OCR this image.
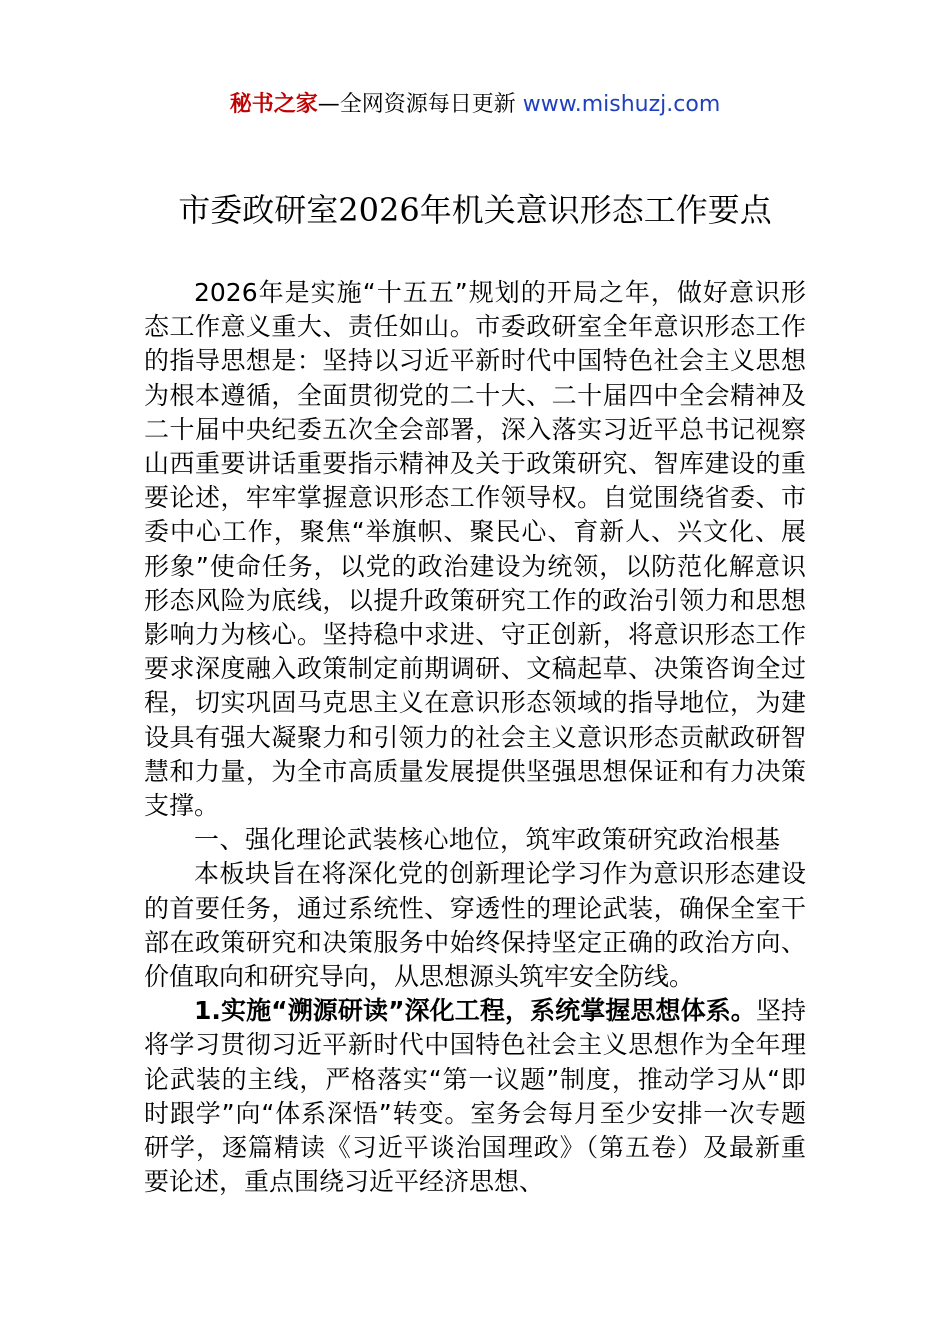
秘书之家—全网资源每日更新 www.mishuzj.com
市委政研室2026年机关意识形态工作要点

2026年是实施“十五五”规划的开局之年，做好意识形态工作意义重大、责任如山。市委政研室全年意识形态工作的指导思想是：坚持以习近平新时代中国特色社会主义思想为根本遵循，全面贯彻党的二十大、二十届四中全会精神及二十届中央纪委五次全会部署，深入落实习近平总书记视察山西重要讲话重要指示精神及关于政策研究、智库建设的重要论述，牢牢掌握意识形态工作领导权。自觉围绕省委、市委中心工作，聚焦“举旗帜、聚民心、育新人、兴文化、展形象”使命任务，以党的政治建设为统领，以防范化解意识形态风险为底线，以提升政策研究工作的政治引领力和思想影响力为核心。坚持稳中求进、守正创新，将意识形态工作要求深度融入政策制定前期调研、文稿起草、决策咨询全过程，切实巩固马克思主义在意识形态领域的指导地位，为建设具有强大凝聚力和引领力的社会主义意识形态贡献政研智慧和力量，为全市高质量发展提供坚强思想保证和有力决策支撑。

一、强化理论武装核心地位，筑牢政策研究政治根基

本板块旨在将深化党的创新理论学习作为意识形态建设的首要任务，通过系统性、穿透性的理论武装，确保全室干部在政策研究和决策服务中始终保持坚定正确的政治方向、价值取向和研究导向，从思想源头筑牢安全防线。

1.实施“溯源研读”深化工程，系统掌握思想体系。坚持将学习贯彻习近平新时代中国特色社会主义思想作为全年理论武装的主线，严格落实“第一议题”制度，推动学习从“即时跟学”向“体系深悟”转变。室务会每月至少安排一次专题研学，逐篇精读《习近平谈治国理政》（第五卷）及最新重要论述，重点围绕习近平经济思想、
